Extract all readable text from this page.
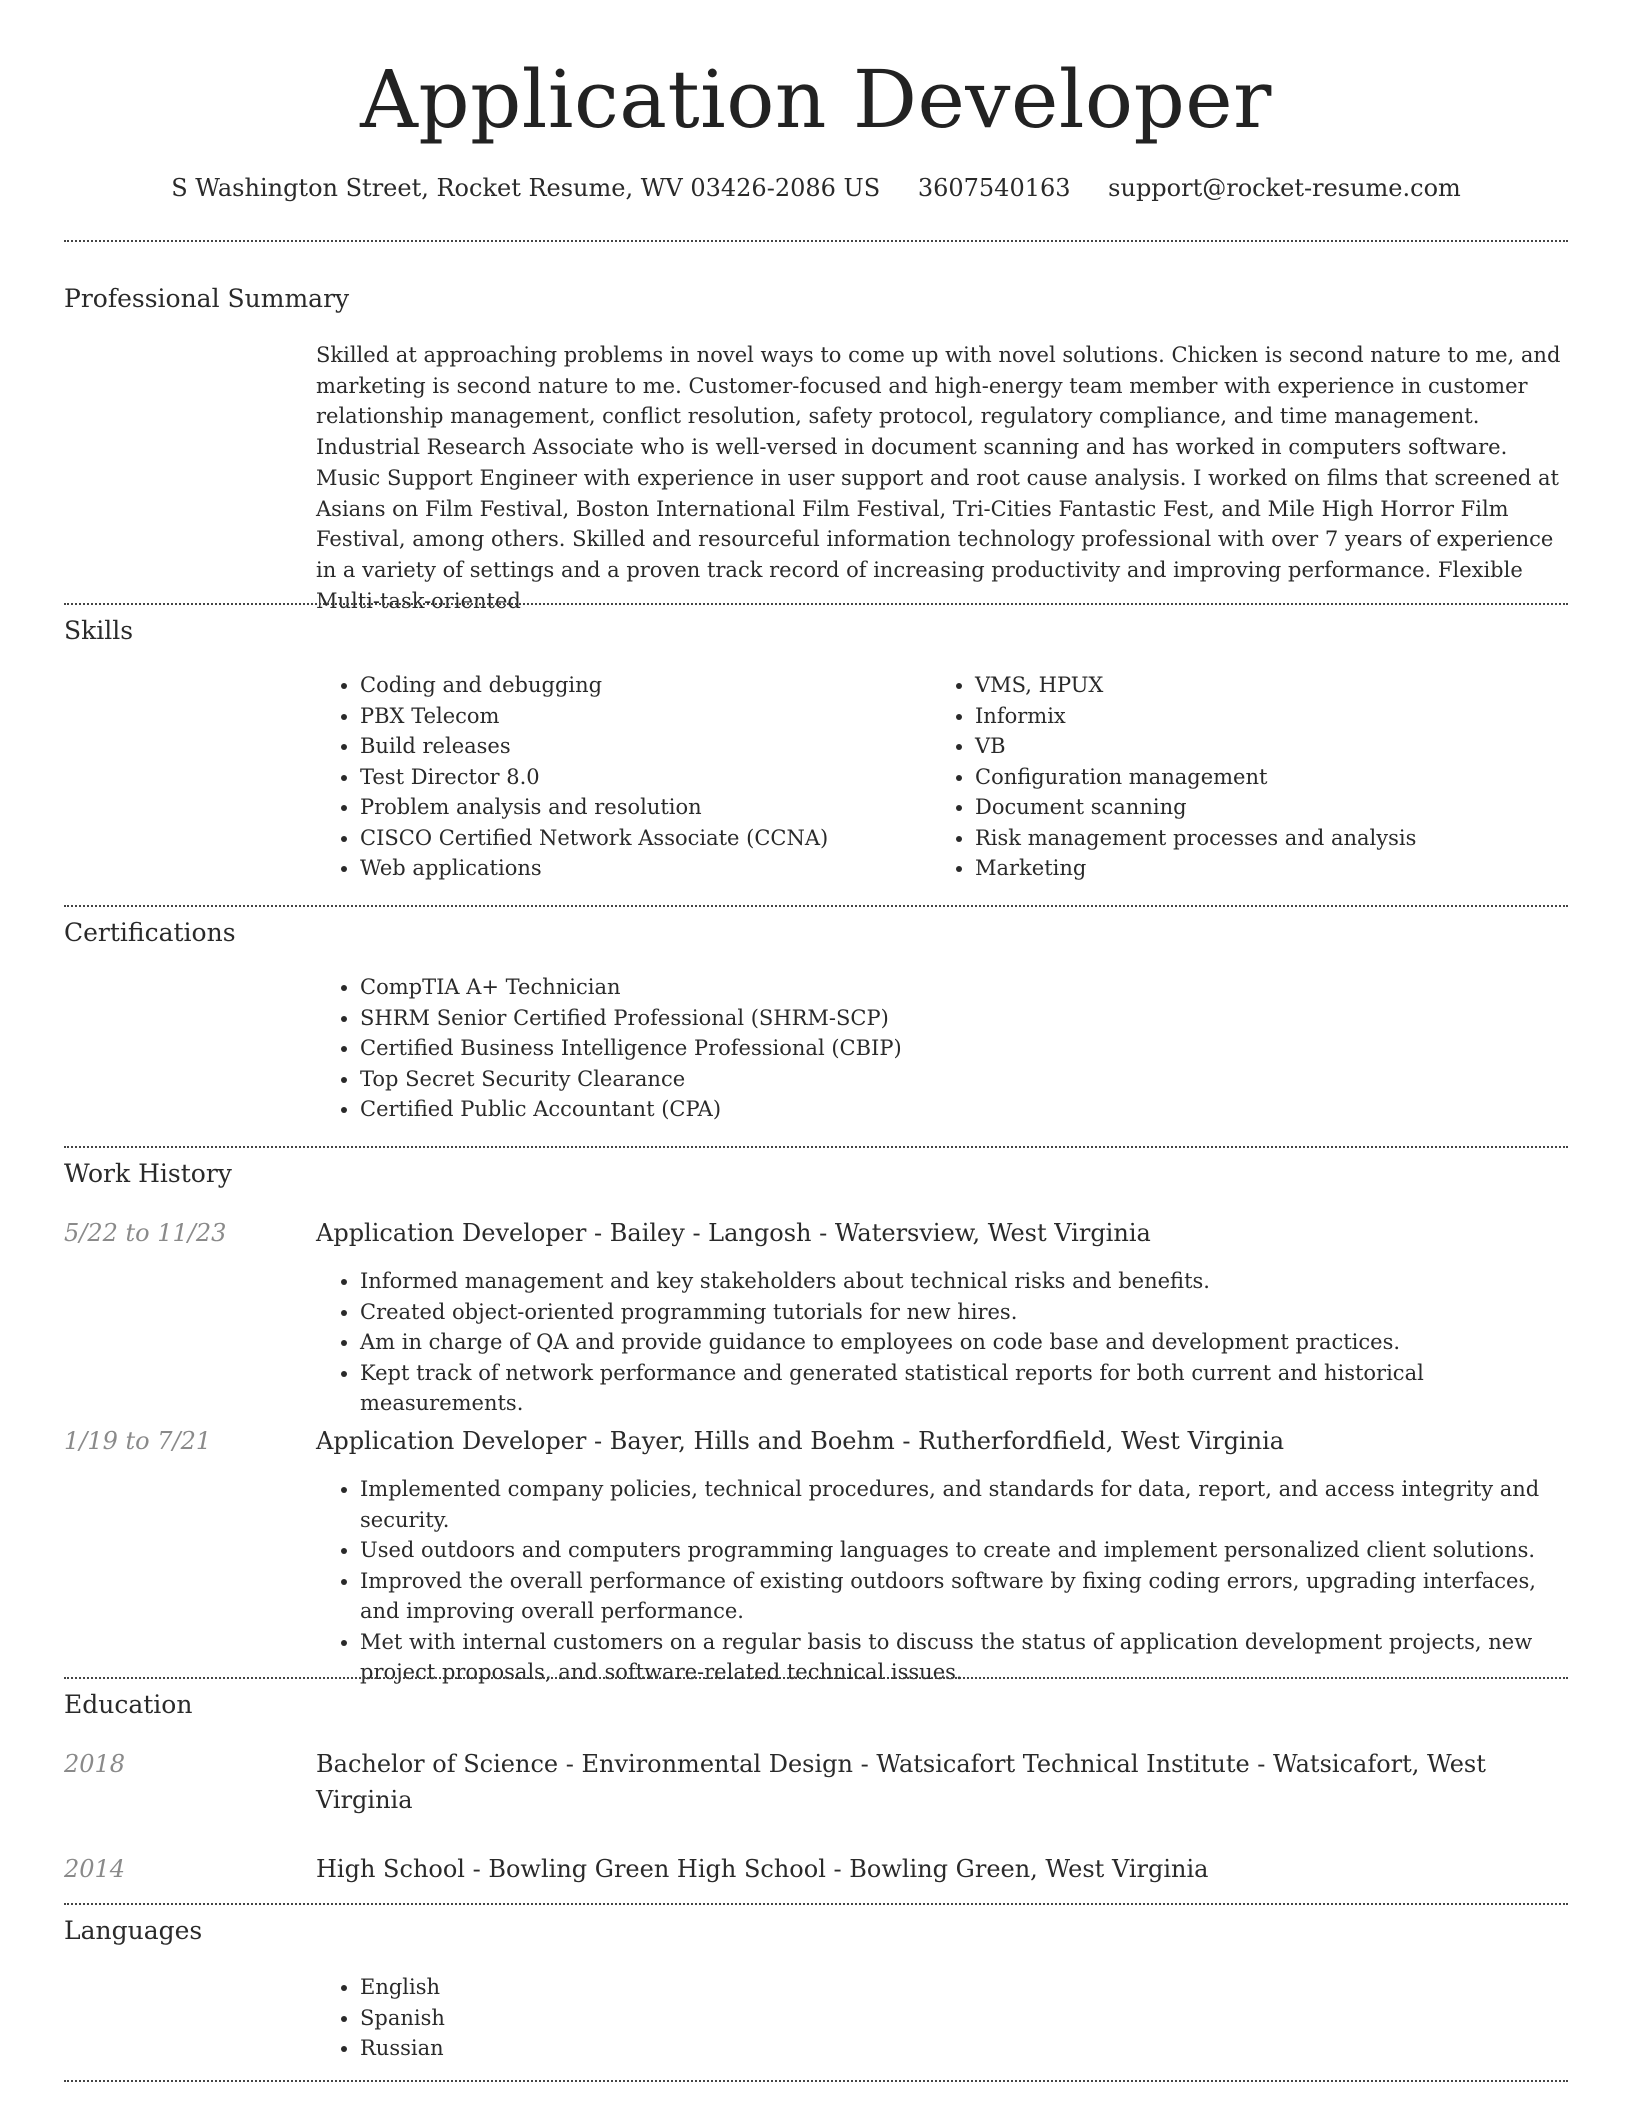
Application Developer
S Washington Street, Rocket Resume, WV 03426-2086 US 3607540163 support@rocket-resume.com
Professional Summary

Skilled at approaching problems in novel ways to come up with novel solutions. Chicken is second nature to me, and marketing is second nature to me. Customer-focused and high-energy team member with experience in customer relationship management, conflict resolution, safety protocol, regulatory compliance, and time management. Industrial Research Associate who is well-versed in document scanning and has worked in computers software. Music Support Engineer with experience in user support and root cause analysis. I worked on films that screened at Asians on Film Festival, Boston International Film Festival, Tri-Cities Fantastic Fest, and Mile High Horror Film Festival, among others. Skilled and resourceful information technology professional with over 7 years of experience in a variety of settings and a proven track record of increasing productivity and improving performance. Flexible Multi-task-oriented

Skills
• Coding and debugging
• PBX Telecom
• Build releases
• Test Director 8.0
• Problem analysis and resolution
• CISCO Certified Network Associate (CCNA)
• Web applications
• VMS, HPUX
• Informix
• VB
• Configuration management
• Document scanning
• Risk management processes and analysis
• Marketing
Certifications
• CompTIA A+ Technician
• SHRM Senior Certified Professional (SHRM-SCP)
• Certified Business Intelligence Professional (CBIP)
• Top Secret Security Clearance
• Certified Public Accountant (CPA)
Work History
5/22 to 11/23	Application Developer - Bailey - Langosh - Watersview, West Virginia
• Informed management and key stakeholders about technical risks and benefits.
• Created object-oriented programming tutorials for new hires.
• Am in charge of QA and provide guidance to employees on code base and development practices.
• Kept track of network performance and generated statistical reports for both current and historical measurements.
1/19 to 7/21	Application Developer - Bayer, Hills and Boehm - Rutherfordfield, West Virginia
• Implemented company policies, technical procedures, and standards for data, report, and access integrity and security.
• Used outdoors and computers programming languages to create and implement personalized client solutions.
• Improved the overall performance of existing outdoors software by fixing coding errors, upgrading interfaces, and improving overall performance.
• Met with internal customers on a regular basis to discuss the status of application development projects, new project proposals, and software-related technical issues.
Education
2018	Bachelor of Science - Environmental Design - Watsicafort Technical Institute - Watsicafort, West Virginia
2014	High School - Bowling Green High School - Bowling Green, West Virginia
Languages
• English
• Spanish
• Russian
